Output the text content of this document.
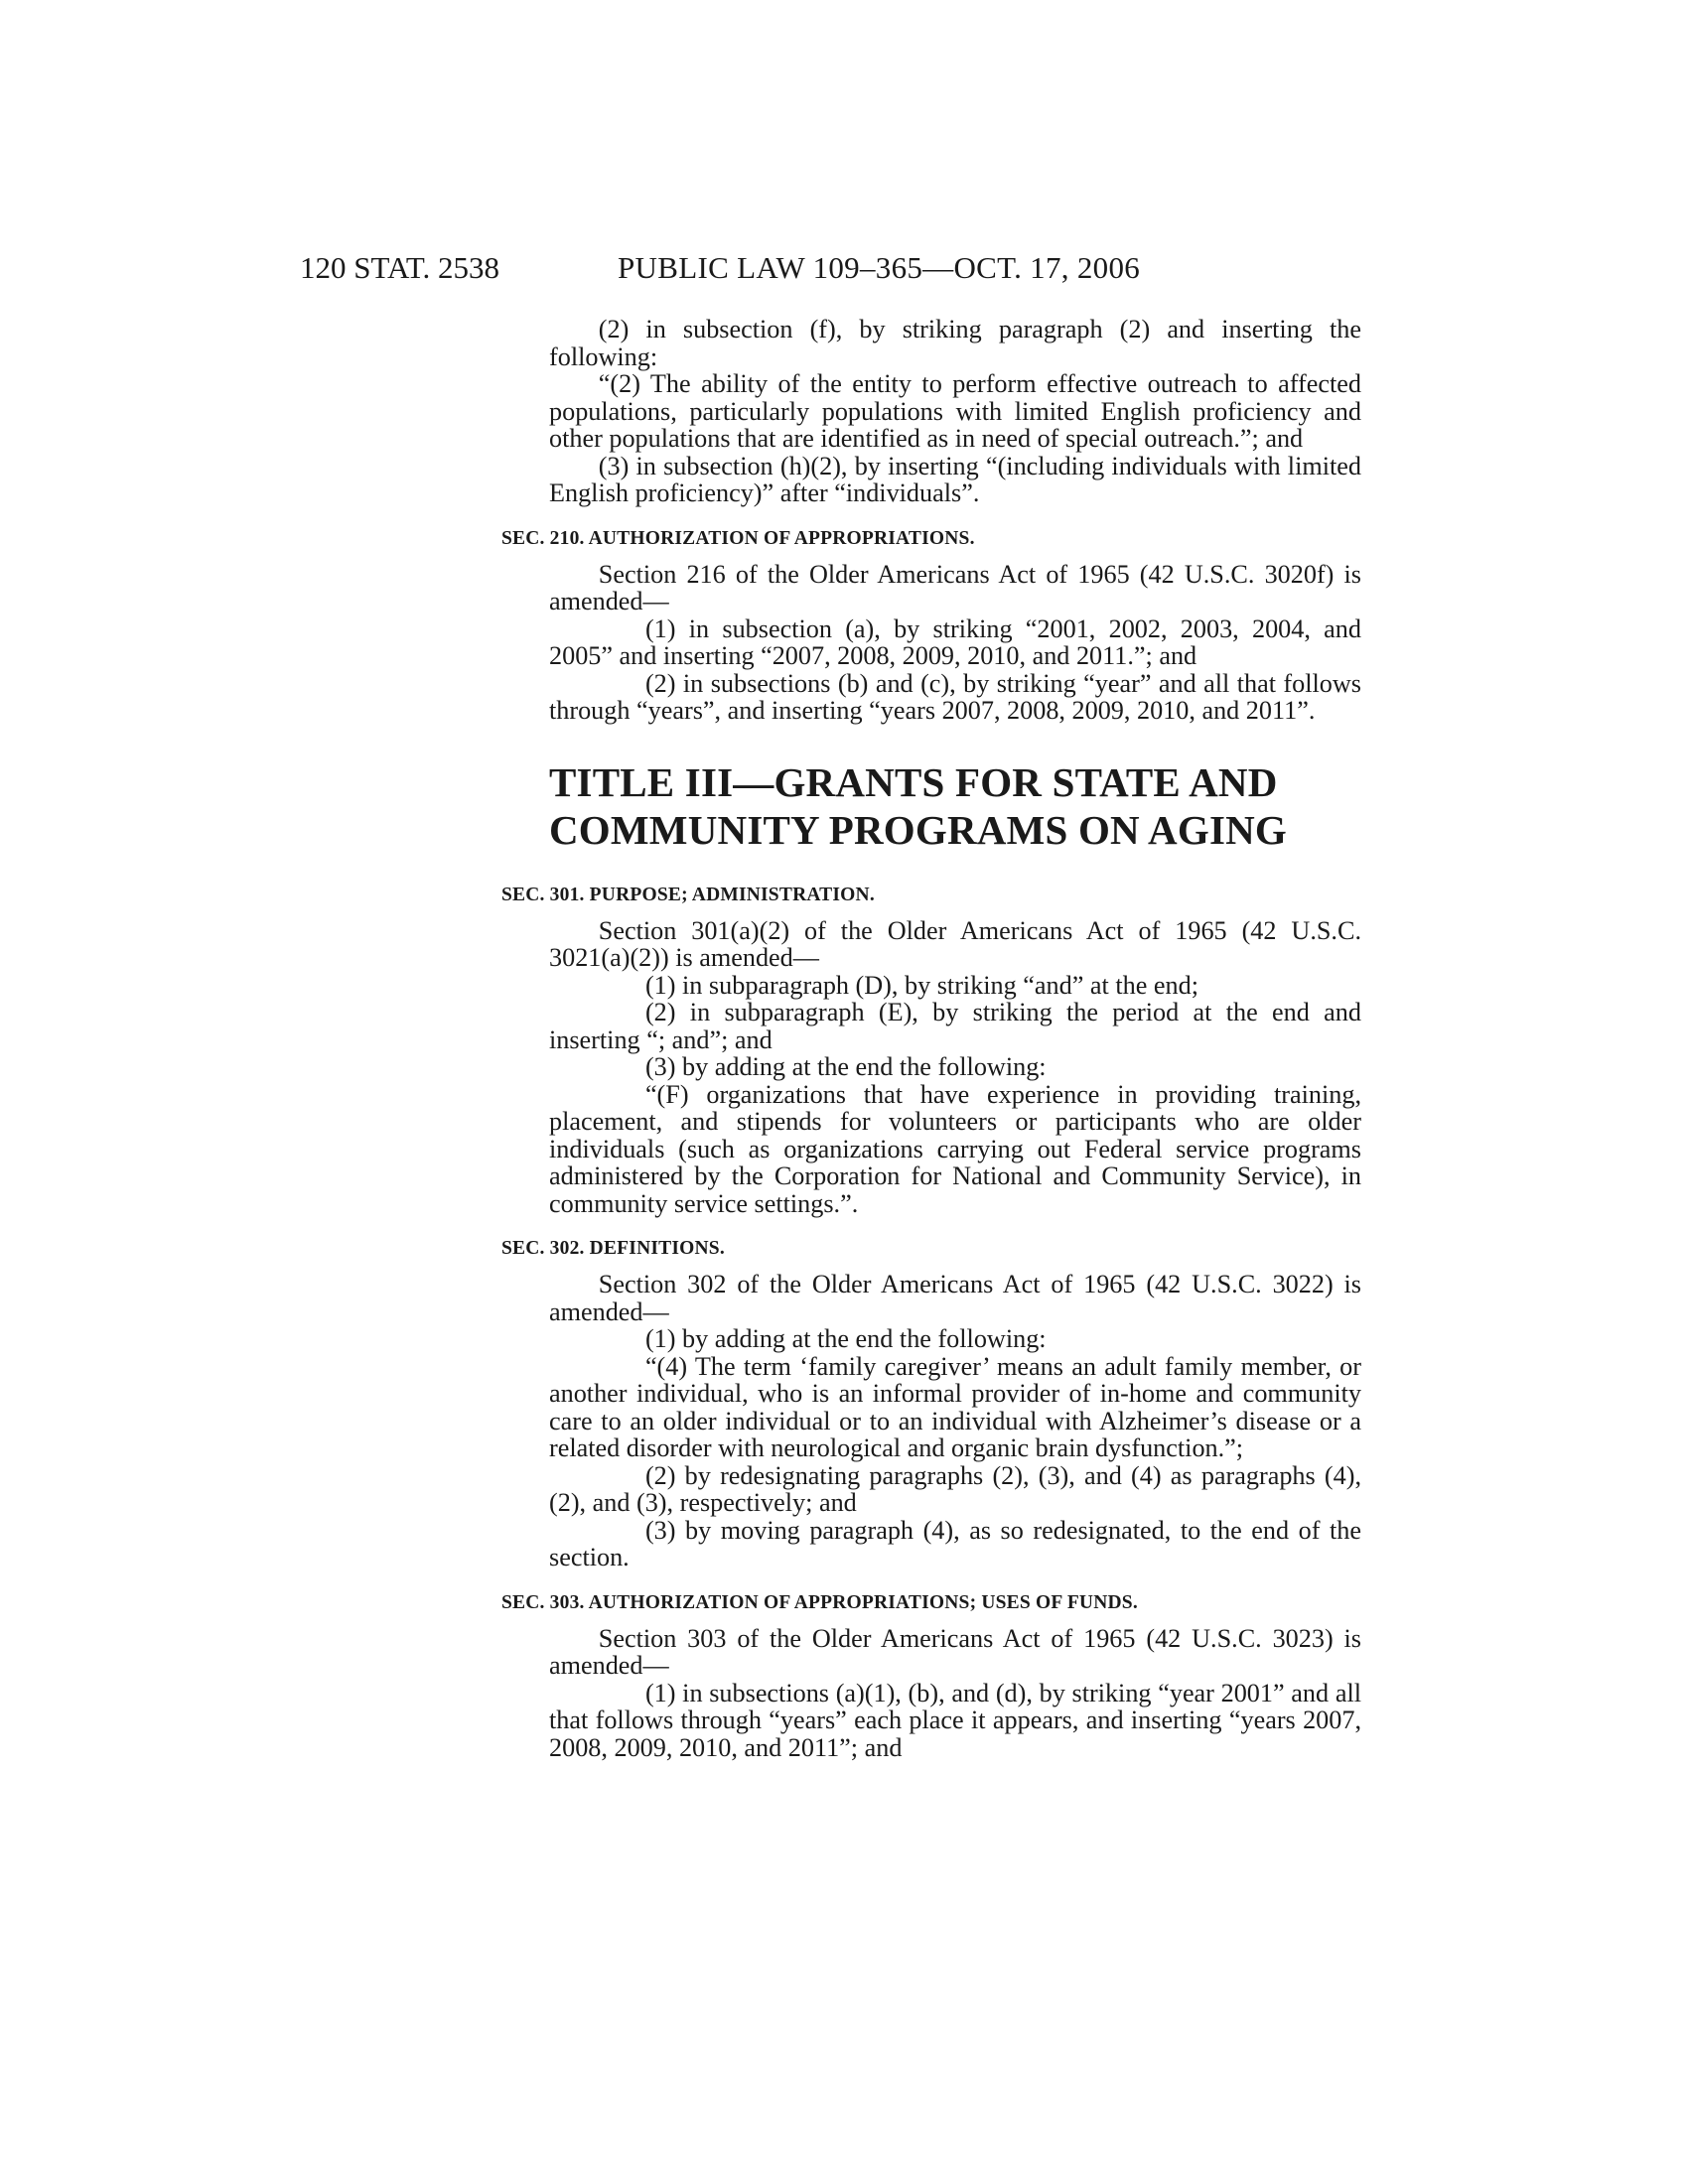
120 STAT. 2538	PUBLIC LAW 109–365—OCT. 17, 2006

(2) in subsection (f), by striking paragraph (2) and inserting the following:

“(2) The ability of the entity to perform effective outreach to affected populations, particularly populations with limited English proficiency and other populations that are identified as in need of special outreach.”; and

(3) in subsection (h)(2), by inserting “(including individuals with limited English proficiency)” after “individuals”.

SEC. 210. AUTHORIZATION OF APPROPRIATIONS.

Section 216 of the Older Americans Act of 1965 (42 U.S.C. 3020f) is amended—

(1) in subsection (a), by striking “2001, 2002, 2003, 2004, and 2005” and inserting “2007, 2008, 2009, 2010, and 2011.”; and

(2) in subsections (b) and (c), by striking “year” and all that follows through “years”, and inserting “years 2007, 2008, 2009, 2010, and 2011”.

TITLE III—GRANTS FOR STATE AND
COMMUNITY PROGRAMS ON AGING

SEC. 301. PURPOSE; ADMINISTRATION.

Section 301(a)(2) of the Older Americans Act of 1965 (42 U.S.C. 3021(a)(2)) is amended—

(1) in subparagraph (D), by striking “and” at the end;

(2) in subparagraph (E), by striking the period at the end and inserting “; and”; and

(3) by adding at the end the following:

“(F) organizations that have experience in providing training, placement, and stipends for volunteers or participants who are older individuals (such as organizations carrying out Federal service programs administered by the Corporation for National and Community Service), in community service settings.”.

SEC. 302. DEFINITIONS.

Section 302 of the Older Americans Act of 1965 (42 U.S.C. 3022) is amended—

(1) by adding at the end the following:

“(4) The term ‘family caregiver’ means an adult family member, or another individual, who is an informal provider of in-home and community care to an older individual or to an individual with Alzheimer’s disease or a related disorder with neurological and organic brain dysfunction.”;

(2) by redesignating paragraphs (2), (3), and (4) as paragraphs (4), (2), and (3), respectively; and

(3) by moving paragraph (4), as so redesignated, to the end of the section.

SEC. 303. AUTHORIZATION OF APPROPRIATIONS; USES OF FUNDS.

Section 303 of the Older Americans Act of 1965 (42 U.S.C. 3023) is amended—

(1) in subsections (a)(1), (b), and (d), by striking “year 2001” and all that follows through “years” each place it appears, and inserting “years 2007, 2008, 2009, 2010, and 2011”; and
